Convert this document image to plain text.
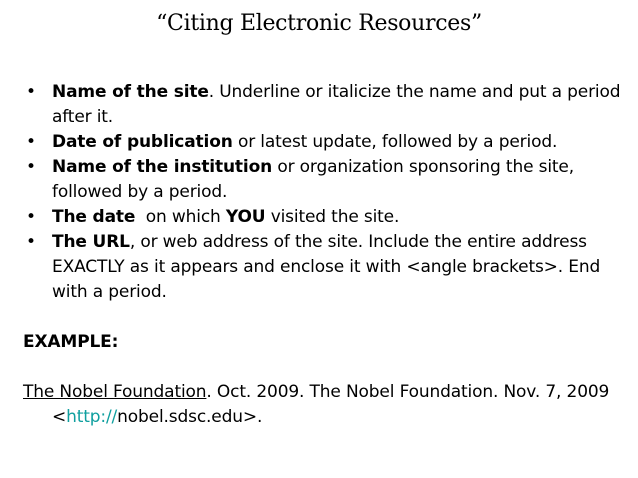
“Citing Electronic Resources”
• Name of the site. Underline or italicize the name and put a period after it.
• Date of publication or latest update, followed by a period.
• Name of the institution or organization sponsoring the site, followed by a period.
• The date  on which YOU visited the site.
• The URL, or web address of the site. Include the entire address EXACTLY as it appears and enclose it with <angle brackets>. End with a period.

EXAMPLE:

The Nobel Foundation. Oct. 2009. The Nobel Foundation. Nov. 7, 2009 <http://nobel.sdsc.edu>.
